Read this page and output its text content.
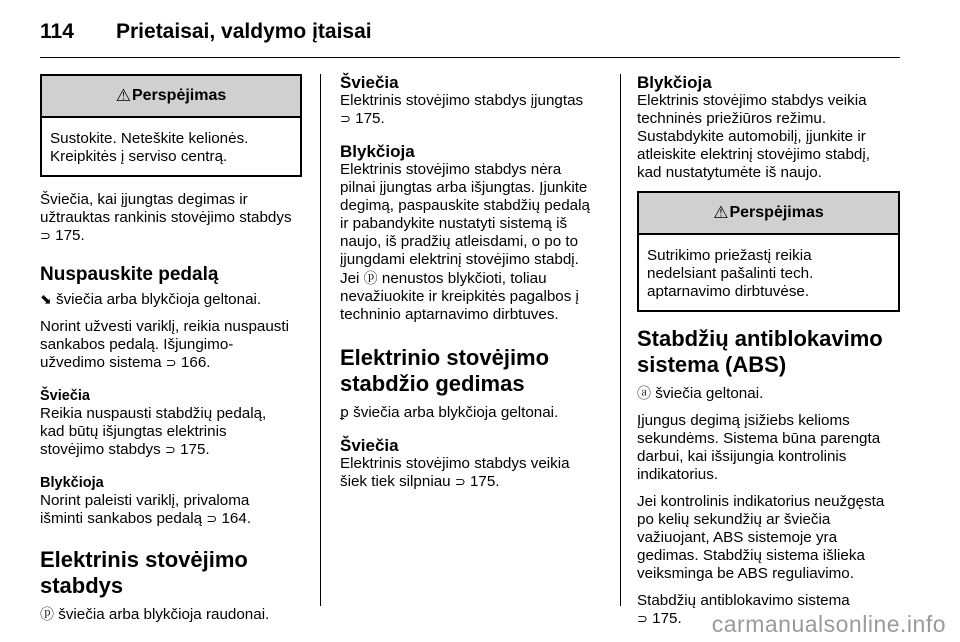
114 Prietaisai, valdymo įtaisai
⚠ Perspėjimas
Sustokite. Neteškite kelionės.
Kreipkitės į serviso centrą.

Šviečia, kai įjungtas degimas ir
užtrauktas rankinis stovėjimo stabdys
⊃ 175.

Nuspauskite pedalą

⬊ šviečia arba blykčioja geltonai.

Norint užvesti variklį, reikia nuspausti
sankabos pedalą. Išjungimo-
užvedimo sistema ⊃ 166.

Šviečia

Reikia nuspausti stabdžių pedalą,
kad būtų išjungtas elektrinis
stovėjimo stabdys ⊃ 175.

Blykčioja

Norint paleisti variklį, privaloma
išminti sankabos pedalą ⊃ 164.

Elektrinis stovėjimo
stabdys

ⓟ šviečia arba blykčioja raudonai.

Šviečia

Elektrinis stovėjimo stabdys įjungtas
⊃ 175.

Blykčioja

Elektrinis stovėjimo stabdys nėra
pilnai įjungtas arba išjungtas. Įjunkite
degimą, paspauskite stabdžių pedalą
ir pabandykite nustatyti sistemą iš
naujo, iš pradžių atleisdami, o po to
įjungdami elektrinį stovėjimo stabdį.
Jei ⓟ nenustos blykčioti, toliau
nevažiuokite ir kreipkitės pagalbos į
techninio aptarnavimo dirbtuves.

Elektrinio stovėjimo
stabdžio gedimas

ꝑ šviečia arba blykčioja geltonai.

Šviečia

Elektrinis stovėjimo stabdys veikia
šiek tiek silpniau ⊃ 175.

Blykčioja

Elektrinis stovėjimo stabdys veikia
techninės priežiūros režimu.
Sustabdykite automobilį, įjunkite ir
atleiskite elektrinį stovėjimo stabdį,
kad nustatytumėte iš naujo.

⚠ Perspėjimas
Sutrikimo priežastį reikia
nedelsiant pašalinti tech.
aptarnavimo dirbtuvėse.
Stabdžių antiblokavimo
sistema (ABS)

ⓐ šviečia geltonai.

Įjungus degimą įsižiebs kelioms
sekundėms. Sistema būna parengta
darbui, kai išsijungia kontrolinis
indikatorius.

Jei kontrolinis indikatorius neužgęsta
po kelių sekundžių ar šviečia
važiuojant, ABS sistemoje yra
gedimas. Stabdžių sistema išlieka
veiksminga be ABS reguliavimo.

Stabdžių antiblokavimo sistema
⊃ 175.	carmanualsonline.info
